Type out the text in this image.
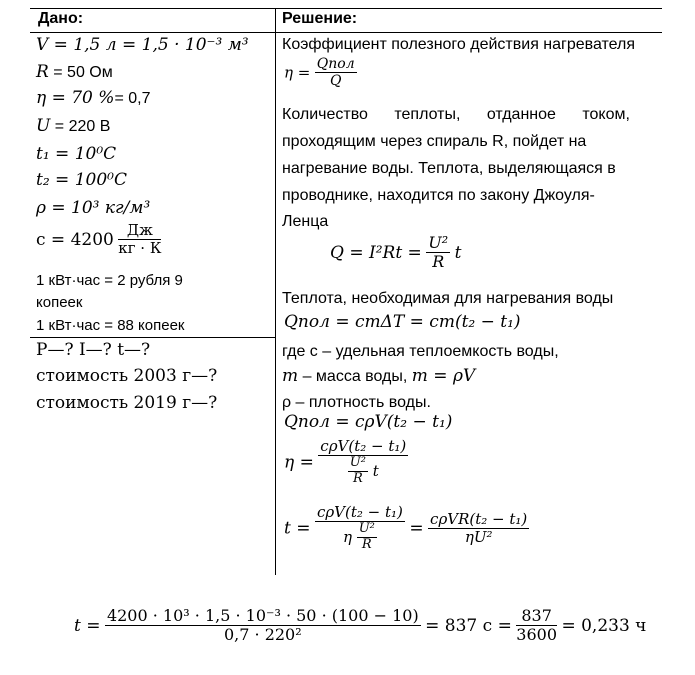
Дано:	Решение:
V = 1,5 л = 1,5 · 10⁻³ м³
R = 50 Ом
η = 70 %= 0,7
U = 220 В
t₁ = 10⁰C
t₂ = 100⁰C
ρ = 10³ кг/м³
$c = 4200 \frac{Дж}{кг \cdot К}$
1 кВт·час = 2 рубля 9
копеек
1 кВт·час = 88 копеек
P—? I—? t—?
стоимость 2003 г—?
стоимость 2019 г—?
Коэффициент полезного действия нагревателя
$\eta = \frac{\text{Qпол}}{Q}$
Количество теплоты, отданное током,
проходящим через спираль R, пойдет на
нагревание воды. Теплота, выделяющаяся в
проводнике, находится по закону Джоуля-
Ленца
$Q = I^2Rt = \frac{\text{U²}}{R}$ t
Теплота, необходимая для нагревания воды
Qпол = cmΔT = cm(t₂ − t₁)
где c – удельная теплоемкость воды,
m – масса воды, m = ρV
ρ – плотность воды.
Qпол = cρV(t₂ − t₁)
$\eta = \frac{\text{cρV(t₂ − t₁)}}{\frac{\text{U²}}{R} t}$
$t = \frac{\text{cρV(t₂ − t₁)}}{\eta \frac{\text{U²}}{R}} = \frac{\text{cρVR(t₂ − t₁)}}{\text{ηU²}}$
$t = \frac{\text{4200 · 10³ · 1,5 · 10⁻³ · 50 · (100 − 10)}}{\text{0,7 · 220²}} = 837$ $с = \frac{837}{3600} = 0,233$ ч
